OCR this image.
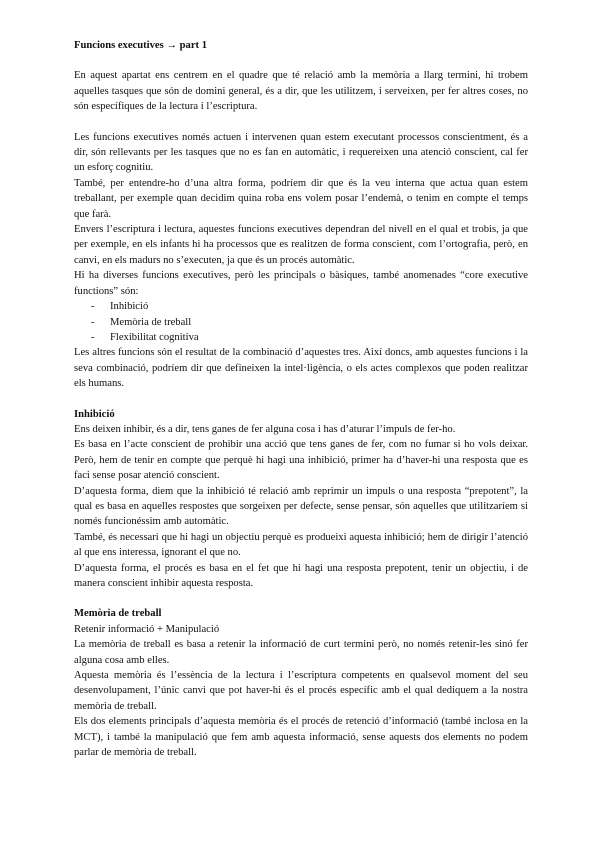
Funcions executives → part 1

En aquest apartat ens centrem en el quadre que té relació amb la memòria a llarg termini, hi trobem aquelles tasques que són de domini general, és a dir, que les utilitzem, i serveixen, per fer altres coses, no són específiques de la lectura i l’escriptura.

Les funcions executives només actuen i intervenen quan estem executant processos conscientment, és a dir, són rellevants per les tasques que no es fan en automàtic, i requereixen una atenció conscient, cal fer un esforç cognitiu.

També, per entendre-ho d’una altra forma, podríem dir que és la veu interna que actua quan estem treballant, per exemple quan decidim quina roba ens volem posar l’endemà, o tenim en compte el temps que farà.

Envers l’escriptura i lectura, aquestes funcions executives dependran del nivell en el qual et trobis, ja que per exemple, en els infants hi ha processos que es realitzen de forma conscient, com l’ortografia, però, en canvi, en els madurs no s’executen, ja que és un procés automàtic.

Hi ha diverses funcions executives, però les principals o bàsiques, també anomenades “core executive functions” són:

- Inhibició
- Memòria de treball
- Flexibilitat cognitiva

Les altres funcions són el resultat de la combinació d’aquestes tres. Així doncs, amb aquestes funcions i la seva combinació, podríem dir que defineixen la intel·ligència, o els actes complexos que poden realitzar els humans.

Inhibició

Ens deixen inhibir, és a dir, tens ganes de fer alguna cosa i has d’aturar l’impuls de fer-ho.

Es basa en l’acte conscient de prohibir una acció que tens ganes de fer, com no fumar si ho vols deixar. Però, hem de tenir en compte que perquè hi hagi una inhibició, primer ha d’haver-hi una resposta que es faci sense posar atenció conscient.

D’aquesta forma, diem que la inhibició té relació amb reprimir un impuls o una resposta “prepotent”, la qual es basa en aquelles respostes que sorgeixen per defecte, sense pensar, són aquelles que utilitzaríem si només funcionéssim amb automàtic.

També, és necessari que hi hagi un objectiu perquè es produeixi aquesta inhibició; hem de dirigir l’atenció al que ens interessa, ignorant el que no.

D’aquesta forma, el procés es basa en el fet que hi hagi una resposta prepotent, tenir un objectiu, i de manera conscient inhibir aquesta resposta.

Memòria de treball

Retenir informació + Manipulació

La memòria de treball es basa a retenir la informació de curt termini però, no només retenir-les sinó fer alguna cosa amb elles.

Aquesta memòria és l’essència de la lectura i l’escriptura competents en qualsevol moment del seu desenvolupament, l’únic canvi que pot haver-hi és el procés específic amb el qual dediquem a la nostra memòria de treball.

Els dos elements principals d’aquesta memòria és el procés de retenció d’informació (també inclosa en la MCT), i també la manipulació que fem amb aquesta informació, sense aquests dos elements no podem parlar de memòria de treball.
